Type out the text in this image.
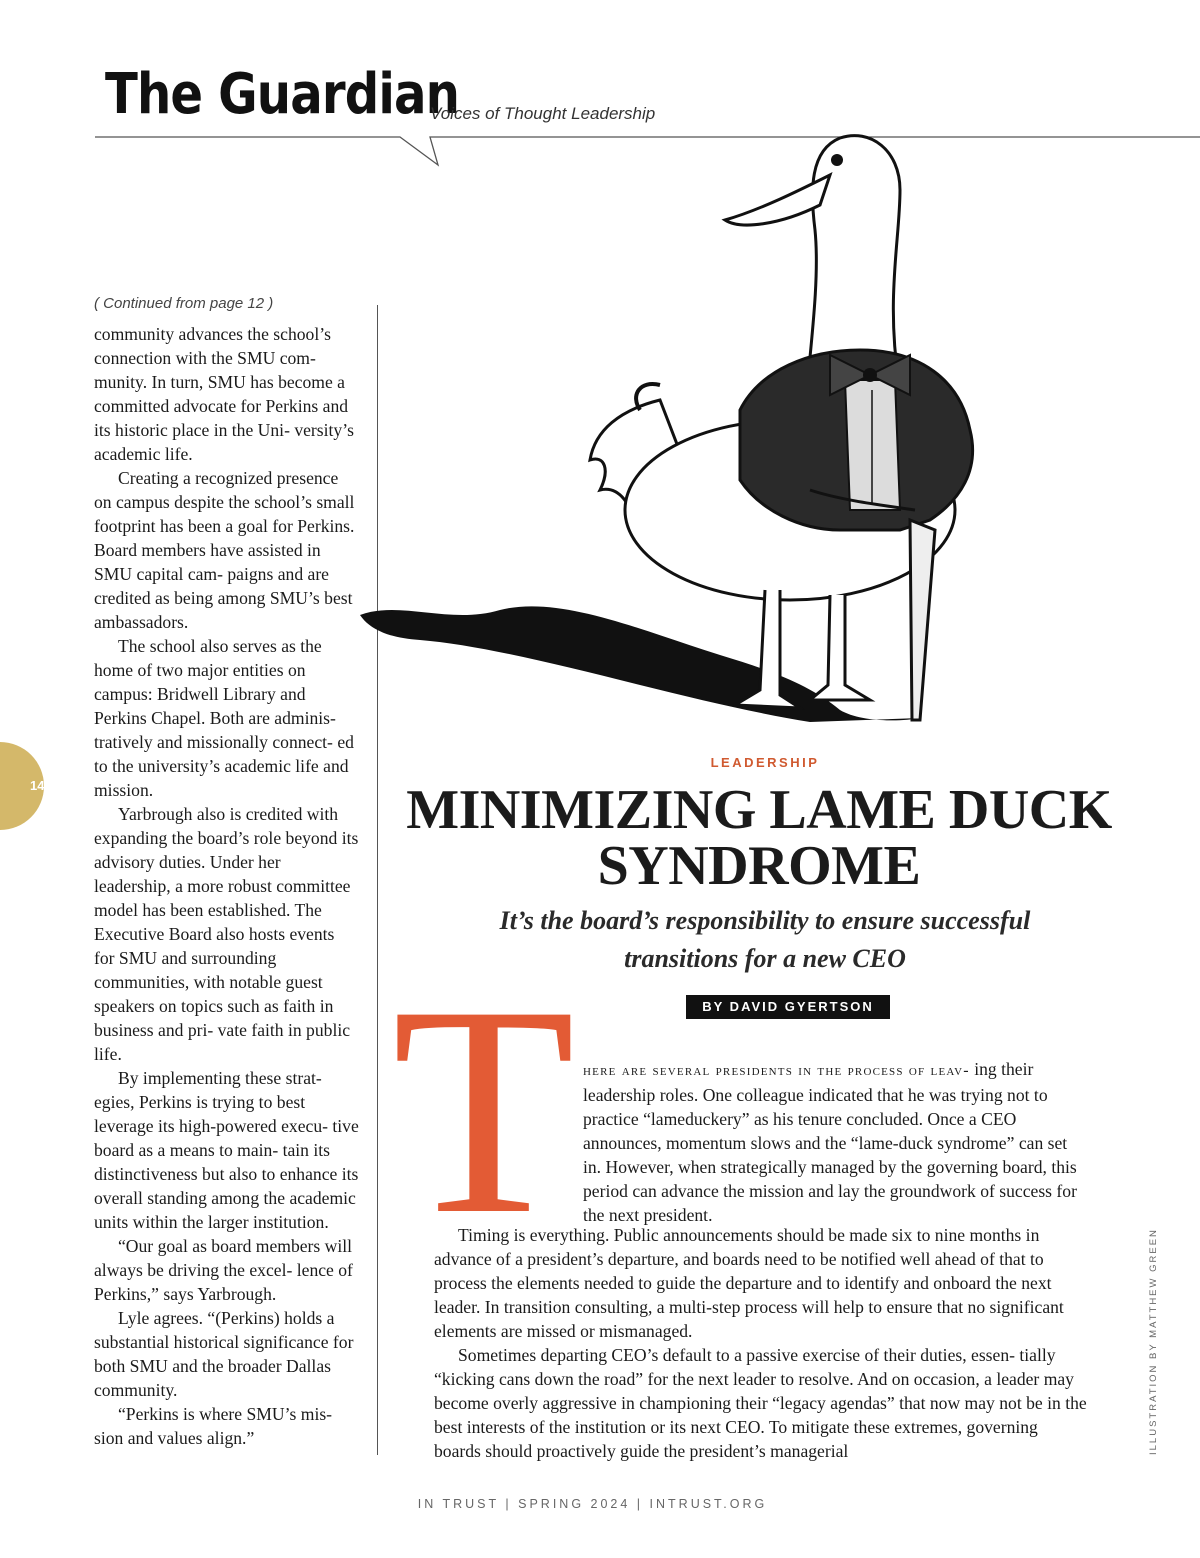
The Guardian
Voices of Thought Leadership
14
( Continued from page 12 )

community advances the school’s connection with the SMU com- munity. In turn, SMU has become a committed advocate for Perkins and its historic place in the Uni- versity’s academic life.

Creating a recognized presence on campus despite the school’s small footprint has been a goal for Perkins. Board members have assisted in SMU capital cam- paigns and are credited as being among SMU’s best ambassadors.

The school also serves as the home of two major entities on campus: Bridwell Library and Perkins Chapel. Both are adminis- tratively and missionally connect- ed to the university’s academic life and mission.

Yarbrough also is credited with expanding the board’s role beyond its advisory duties. Under her leadership, a more robust committee model has been established. The Executive Board also hosts events for SMU and surrounding communities, with notable guest speakers on topics such as faith in business and pri- vate faith in public life.

By implementing these strat- egies, Perkins is trying to best leverage its high-powered execu- tive board as a means to main- tain its distinctiveness but also to enhance its overall standing among the academic units within the larger institution.

“Our goal as board members will always be driving the excel- lence of Perkins,” says Yarbrough.

Lyle agrees. “(Perkins) holds a substantial historical significance for both SMU and the broader Dallas community.

“Perkins is where SMU’s mis- sion and values align.”

LEADERSHIP
MINIMIZING LAME DUCK SYNDROME
It’s the board’s responsibility to ensure successful transitions for a new CEO
BY DAVID GYERTSON
T here are several presidents in the process of leav- ing their leadership roles. One colleague indicated that he was trying not to practice “lameduckery” as his tenure concluded. Once a CEO announces, momentum slows and the “lame-duck syndrome” can set in. However, when strategically managed by the governing board, this period can advance the mission and lay the groundwork of success for the next president.

Timing is everything. Public announcements should be made six to nine months in advance of a president’s departure, and boards need to be notified well ahead of that to process the elements needed to guide the departure and to identify and onboard the next leader. In transition consulting, a multi-step process will help to ensure that no significant elements are missed or mismanaged.

Sometimes departing CEO’s default to a passive exercise of their duties, essen- tially “kicking cans down the road” for the next leader to resolve. And on occasion, a leader may become overly aggressive in championing their “legacy agendas” that now may not be in the best interests of the institution or its next CEO. To mitigate these extremes, governing boards should proactively guide the president’s managerial	ILLUSTRATION BY MATTHEW GREEN
IN TRUST | SPRING 2024 | INTRUST.ORG
